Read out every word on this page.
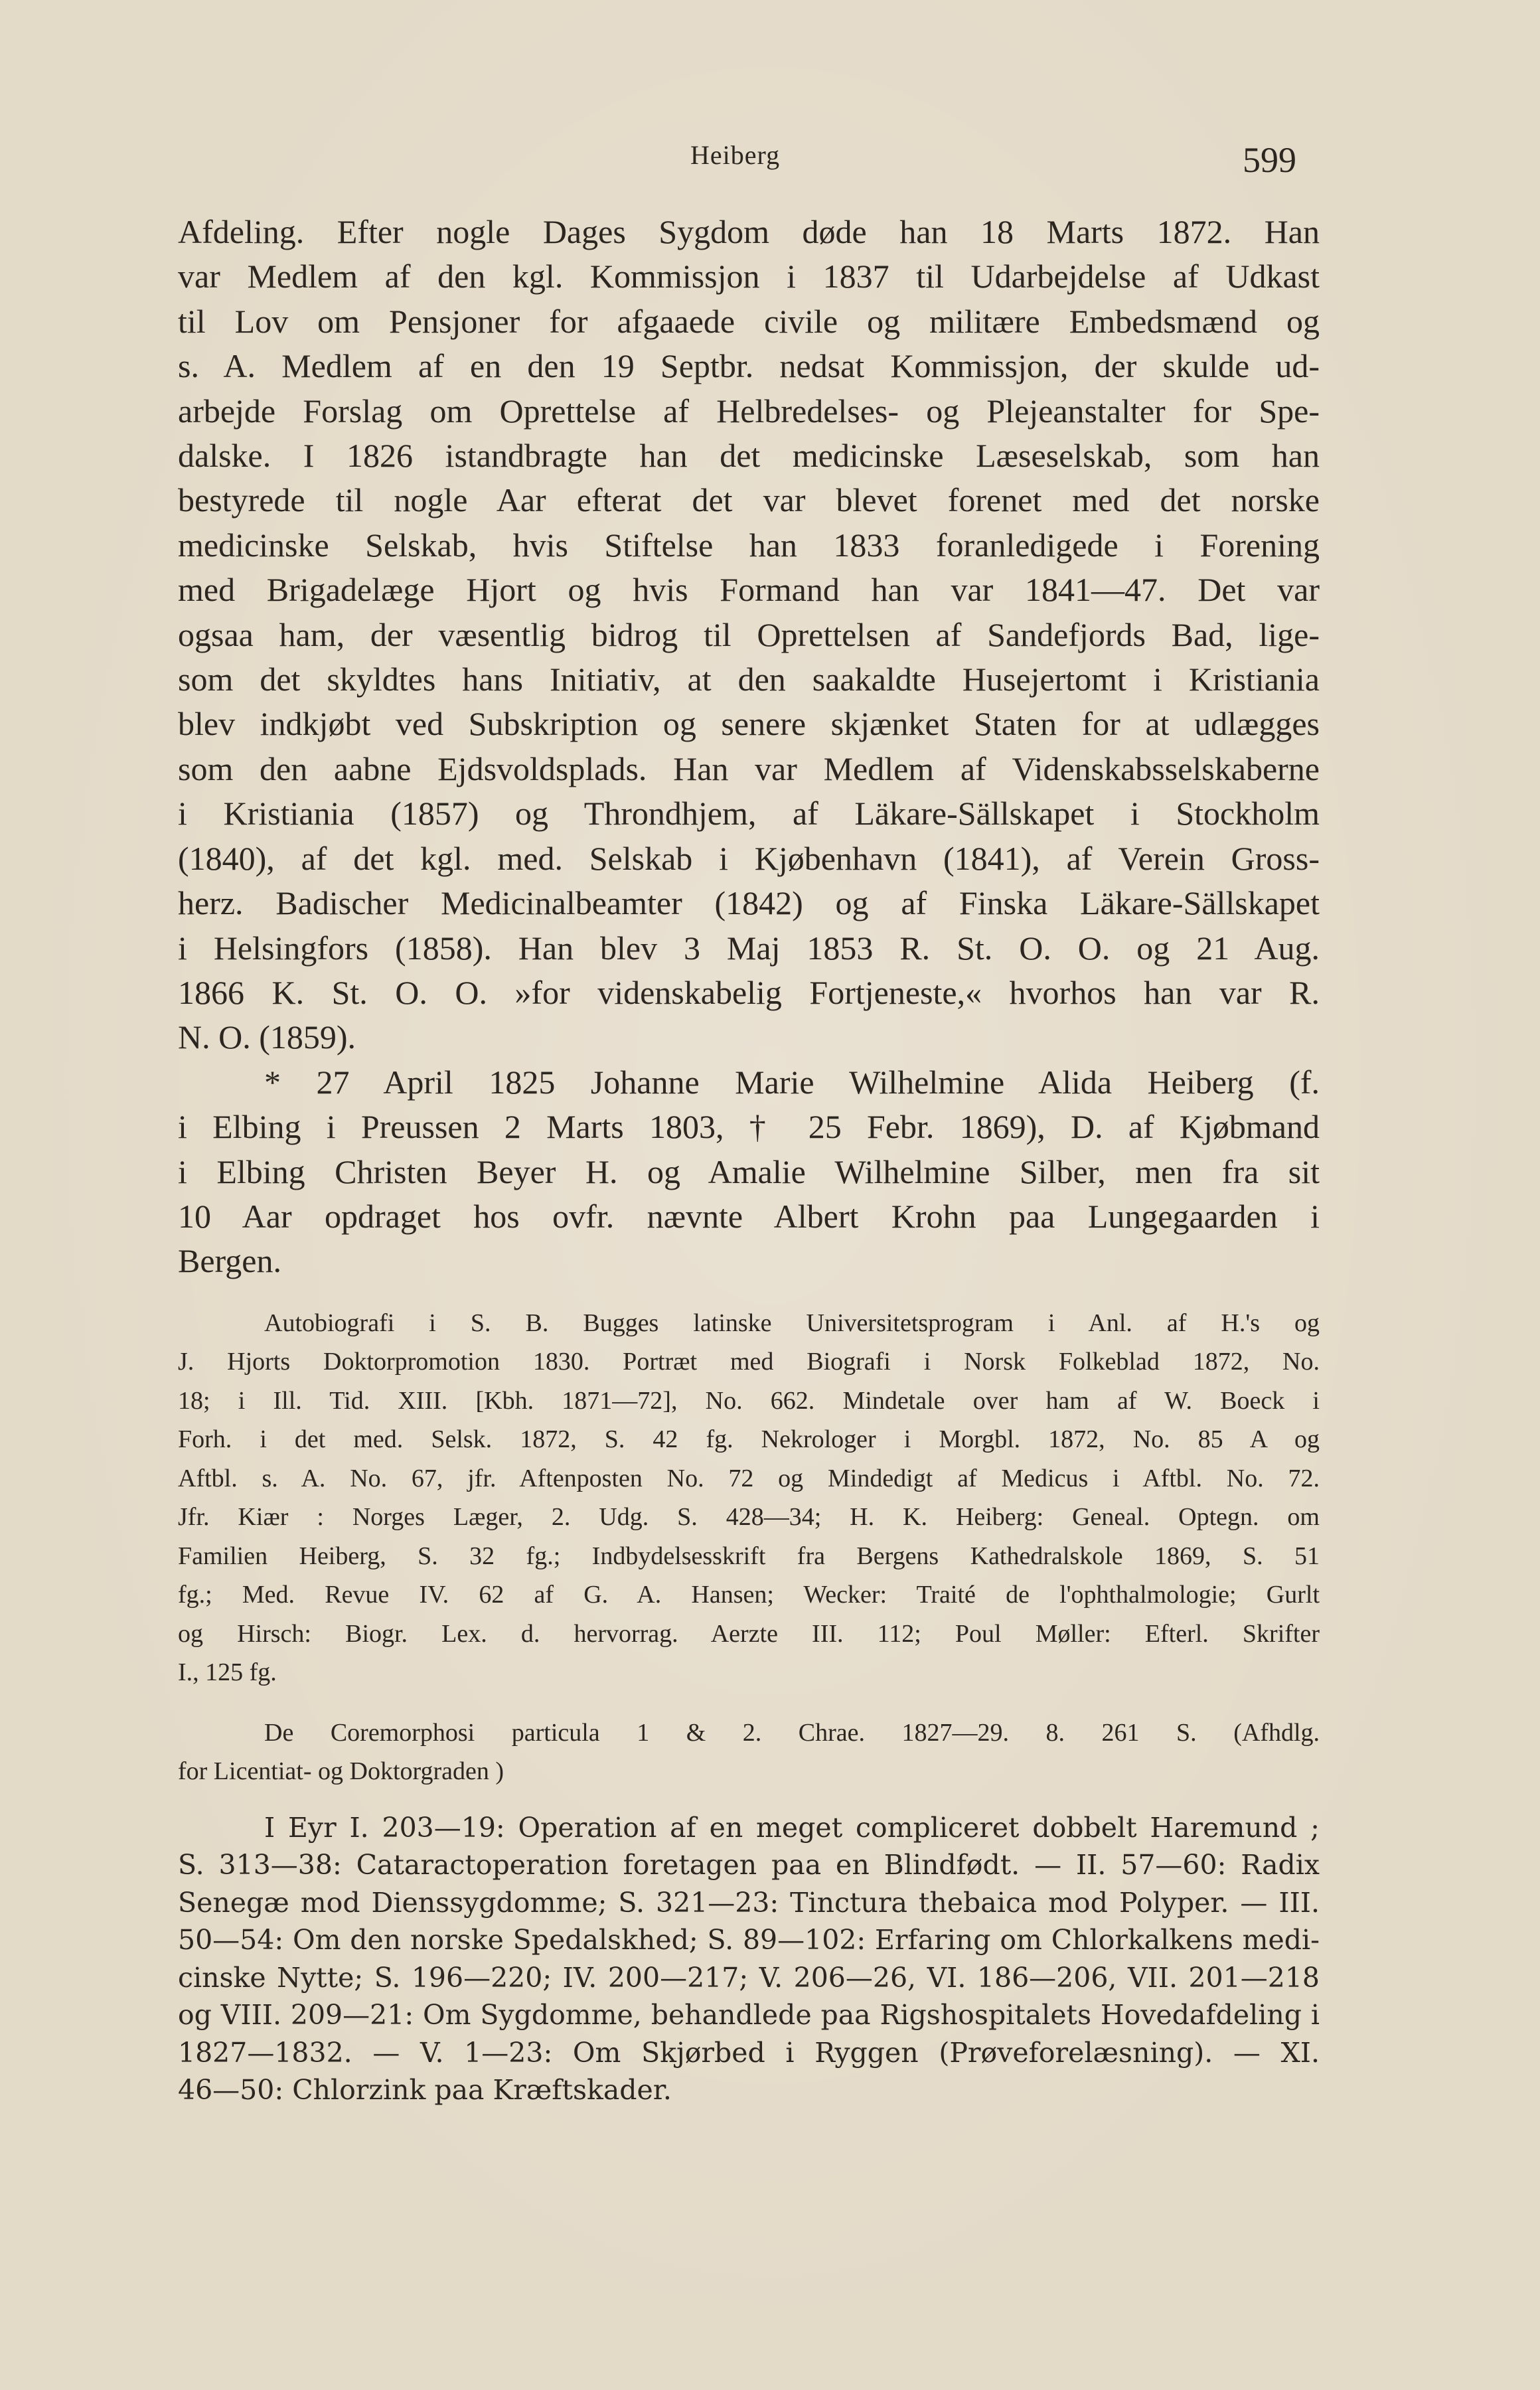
Heiberg	599
Afdeling. Efter nogle Dages Sygdom døde han 18 Marts 1872. Han
var Medlem af den kgl. Kommissjon i 1837 til Udarbejdelse af Udkast
til Lov om Pensjoner for afgaaede civile og militære Embedsmænd og
s. A. Medlem af en den 19 Septbr. nedsat Kommissjon, der skulde ud-
arbejde Forslag om Oprettelse af Helbredelses- og Plejeanstalter for Spe-
dalske. I 1826 istandbragte han det medicinske Læseselskab, som han
bestyrede til nogle Aar efterat det var blevet forenet med det norske
medicinske Selskab, hvis Stiftelse han 1833 foranledigede i Forening
med Brigadelæge Hjort og hvis Formand han var 1841—47. Det var
ogsaa ham, der væsentlig bidrog til Oprettelsen af Sandefjords Bad, lige-
som det skyldtes hans Initiativ, at den saakaldte Husejertomt i Kristiania
blev indkjøbt ved Subskription og senere skjænket Staten for at udlægges
som den aabne Ejdsvoldsplads. Han var Medlem af Videnskabsselskaberne
i Kristiania (1857) og Throndhjem, af Läkare-Sällskapet i Stockholm
(1840), af det kgl. med. Selskab i Kjøbenhavn (1841), af Verein Gross-
herz. Badischer Medicinalbeamter (1842) og af Finska Läkare-Sällskapet
i Helsingfors (1858). Han blev 3 Maj 1853 R. St. O. O. og 21 Aug.
1866 K. St. O. O. »for videnskabelig Fortjeneste,« hvorhos han var R.
N. O. (1859).
* 27 April 1825 Johanne Marie Wilhelmine Alida Heiberg (f.
i Elbing i Preussen 2 Marts 1803, † 25 Febr. 1869), D. af Kjøbmand
i Elbing Christen Beyer H. og Amalie Wilhelmine Silber, men fra sit
10 Aar opdraget hos ovfr. nævnte Albert Krohn paa Lungegaarden i
Bergen.
Autobiografi i S. B. Bugges latinske Universitetsprogram i Anl. af H.'s og
J. Hjorts Doktorpromotion 1830. Portræt med Biografi i Norsk Folkeblad 1872, No.
18; i Ill. Tid. XIII. [Kbh. 1871—72], No. 662. Mindetale over ham af W. Boeck i
Forh. i det med. Selsk. 1872, S. 42 fg. Nekrologer i Morgbl. 1872, No. 85 A og
Aftbl. s. A. No. 67, jfr. Aftenposten No. 72 og Mindedigt af Medicus i Aftbl. No. 72.
Jfr. Kiær : Norges Læger, 2. Udg. S. 428—34; H. K. Heiberg: Geneal. Optegn. om
Familien Heiberg, S. 32 fg.; Indbydelsesskrift fra Bergens Kathedralskole 1869, S. 51
fg.; Med. Revue IV. 62 af G. A. Hansen; Wecker: Traité de l'ophthalmologie; Gurlt
og Hirsch: Biogr. Lex. d. hervorrag. Aerzte III. 112; Poul Møller: Efterl. Skrifter
I., 125 fg.
De Coremorphosi particula 1 & 2. Chrae. 1827—29. 8. 261 S. (Afhdlg.
for Licentiat- og Doktorgraden )
I Eyr I. 203—19: Operation af en meget compliceret dobbelt Haremund ;
S. 313—38: Cataractoperation foretagen paa en Blindfødt. — II. 57—60: Radix
Senegæ mod Dienssygdomme; S. 321—23: Tinctura thebaica mod Polyper. — III.
50—54: Om den norske Spedalskhed; S. 89—102: Erfaring om Chlorkalkens medi-
cinske Nytte; S. 196—220; IV. 200—217; V. 206—26, VI. 186—206, VII. 201—218
og VIII. 209—21: Om Sygdomme, behandlede paa Rigshospitalets Hovedafdeling i
1827—1832. — V. 1—23: Om Skjørbed i Ryggen (Prøveforelæsning). — XI.
46—50: Chlorzink paa Kræftskader.
